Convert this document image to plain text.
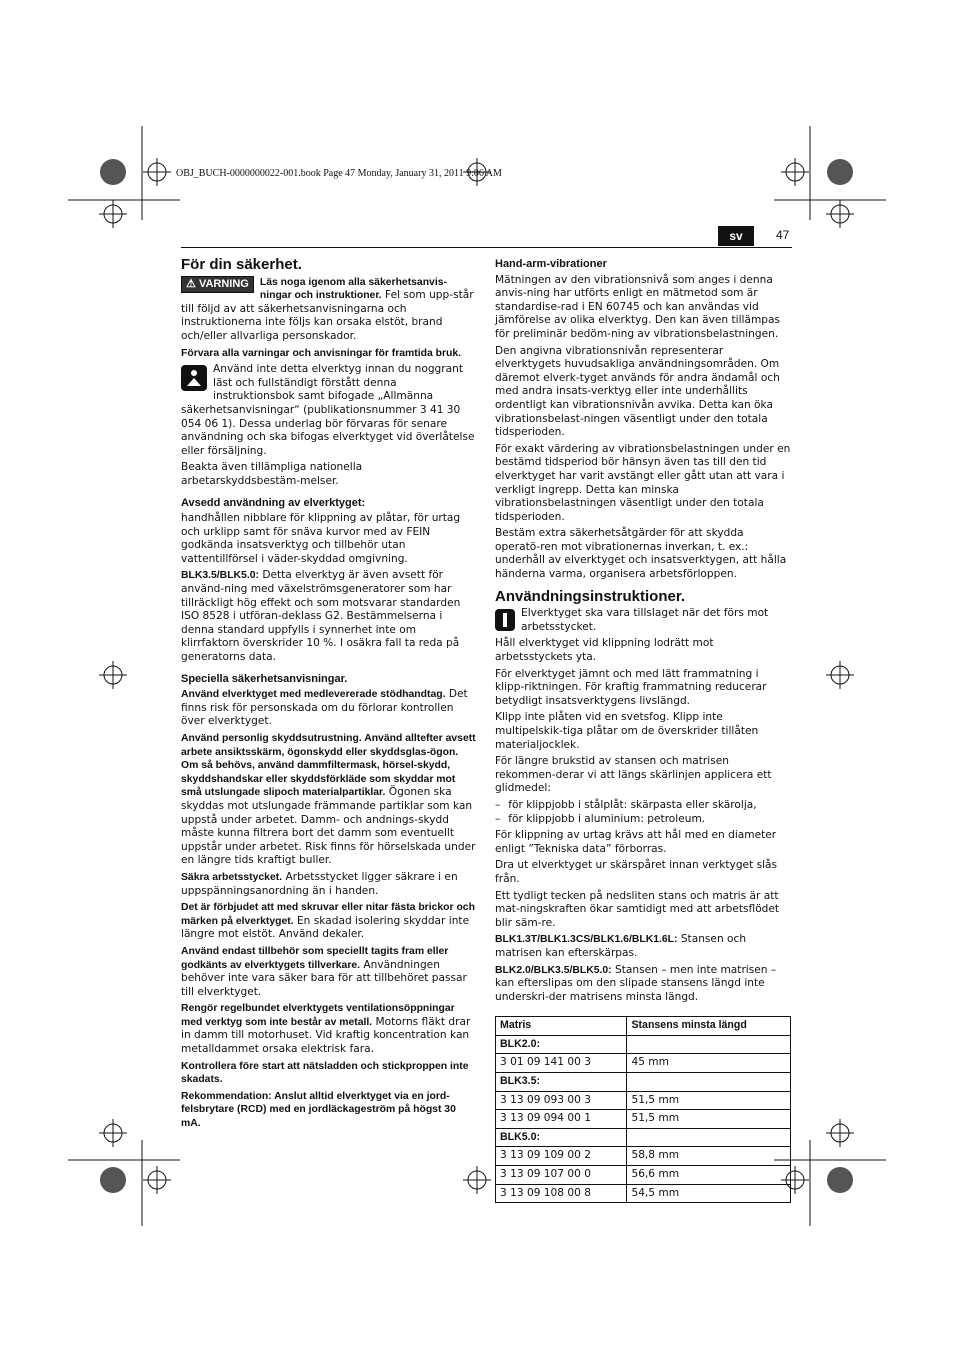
OBJ_BUCH-0000000022-001.book Page 47 Monday, January 31, 2011 9:06 AM
sv	47
För din säkerhet.

⚠ VARNING	Läs noga igenom alla säkerhetsanvis-ningar och instruktioner. Fel som upp-står till följd av att säkerhetsanvisningarna och instruktionerna inte följs kan orsaka elstöt, brand och/eller allvarliga personskador.

Förvara alla varningar och anvisningar för framtida bruk.

Använd inte detta elverktyg innan du noggrant läst och fullständigt förstått denna instruktionsbok samt bifogade „Allmänna säkerhetsanvisningar“ (publikationsnummer 3 41 30 054 06 1). Dessa underlag bör förvaras för senare användning och ska bifogas elverktyget vid överlåtelse eller försäljning.

Beakta även tillämpliga nationella arbetarskyddsbestäm-melser.

Avsedd användning av elverktyget:

handhållen nibblare för klippning av plåtar, för urtag och urklipp samt för snäva kurvor med av FEIN godkända insatsverktyg och tillbehör utan vattentillförsel i väder-skyddad omgivning.

BLK3.5/BLK5.0: Detta elverktyg är även avsett för använd-ning med växelströmsgeneratorer som har tillräckligt hög effekt och som motsvarar standarden ISO 8528 i utföran-deklass G2. Bestämmelserna i denna standard uppfylls i synnerhet inte om klirrfaktorn överskrider 10 %. I osäkra fall ta reda på generatorns data.

Speciella säkerhetsanvisningar.

Använd elverktyget med medlevererade stödhandtag. Det finns risk för personskada om du förlorar kontrollen över elverktyget.

Använd personlig skyddsutrustning. Använd alltefter avsett arbete ansiktsskärm, ögonskydd eller skyddsglas-ögon. Om så behövs, använd dammfiltermask, hörsel-skydd, skyddshandskar eller skyddsförkläde som skyddar mot små utslungade slipoch materialpartiklar. Ögonen ska skyddas mot utslungade främmande partiklar som kan uppstå under arbetet. Damm- och andnings-skydd måste kunna filtrera bort det damm som eventuellt uppstår under arbetet. Risk finns för hörselskada under en längre tids kraftigt buller.

Säkra arbetsstycket. Arbetsstycket ligger säkrare i en uppspänningsanordning än i handen.

Det är förbjudet att med skruvar eller nitar fästa brickor och märken på elverktyget. En skadad isolering skyddar inte längre mot elstöt. Använd dekaler.

Använd endast tillbehör som speciellt tagits fram eller godkänts av elverktygets tillverkare. Användningen behöver inte vara säker bara för att tillbehöret passar till elverktyget.

Rengör regelbundet elverktygets ventilationsöppningar med verktyg som inte består av metall. Motorns fläkt drar in damm till motorhuset. Vid kraftig koncentration kan metalldammet orsaka elektrisk fara.

Kontrollera före start att nätsladden och stickproppen inte skadats.

Rekommendation: Anslut alltid elverktyget via en jord-felsbrytare (RCD) med en jordläckageström på högst 30 mA.

Hand-arm-vibrationer

Mätningen av den vibrationsnivå som anges i denna anvis-ning har utförts enligt en mätmetod som är standardise-rad i EN 60745 och kan användas vid jämförelse av olika elverktyg. Den kan även tillämpas för preliminär bedöm-ning av vibrationsbelastningen.

Den angivna vibrationsnivån representerar elverktygets huvudsakliga användningsområden. Om däremot elverk-tyget används för andra ändamål och med andra insats-verktyg eller inte underhållits ordentligt kan vibrationsnivån avvika. Detta kan öka vibrationsbelast-ningen väsentligt under den totala tidsperioden.

För exakt värdering av vibrationsbelastningen under en bestämd tidsperiod bör hänsyn även tas till den tid elverktyget har varit avstängt eller gått utan att vara i verkligt ingrepp. Detta kan minska vibrationsbelastningen väsentligt under den totala tidsperioden.

Bestäm extra säkerhetsåtgärder för att skydda operatö-ren mot vibrationernas inverkan, t. ex.: underhåll av elverktyget och insatsverktygen, att hålla händerna varma, organisera arbetsförloppen.

Användningsinstruktioner.

Elverktyget ska vara tillslaget när det förs mot arbetsstycket.

Håll elverktyget vid klippning lodrätt mot arbetsstyckets yta.

För elverktyget jämnt och med lätt frammatning i klipp-riktningen. För kraftig frammatning reducerar betydligt insatsverktygens livslängd.

Klipp inte plåten vid en svetsfog. Klipp inte multipelskik-tiga plåtar om de överskrider tillåten materialjocklek.

För längre brukstid av stansen och matrisen rekommen-derar vi att längs skärlinjen applicera ett glidmedel:

– för klippjobb i stålplåt: skärpasta eller skärolja,
– för klippjobb i aluminium: petroleum.

För klippning av urtag krävs att hål med en diameter enligt ”Tekniska data” förborras.

Dra ut elverktyget ur skärspåret innan verktyget slås från.

Ett tydligt tecken på nedsliten stans och matris är att mat-ningskraften ökar samtidigt med att arbetsflödet blir säm-re.

BLK1.3T/BLK1.3CS/BLK1.6/BLK1.6L: Stansen och matrisen kan efterskärpas.

BLK2.0/BLK3.5/BLK5.0: Stansen – men inte matrisen – kan efterslipas om den slipade stansens längd inte underskri-der matrisens minsta längd.

Matris	Stansens minsta längd
BLK2.0:	
3 01 09 141 00 3	45 mm
BLK3.5:	
3 13 09 093 00 3	51,5 mm
3 13 09 094 00 1	51,5 mm
BLK5.0:	
3 13 09 109 00 2	58,8 mm
3 13 09 107 00 0	56,6 mm
3 13 09 108 00 8	54,5 mm
